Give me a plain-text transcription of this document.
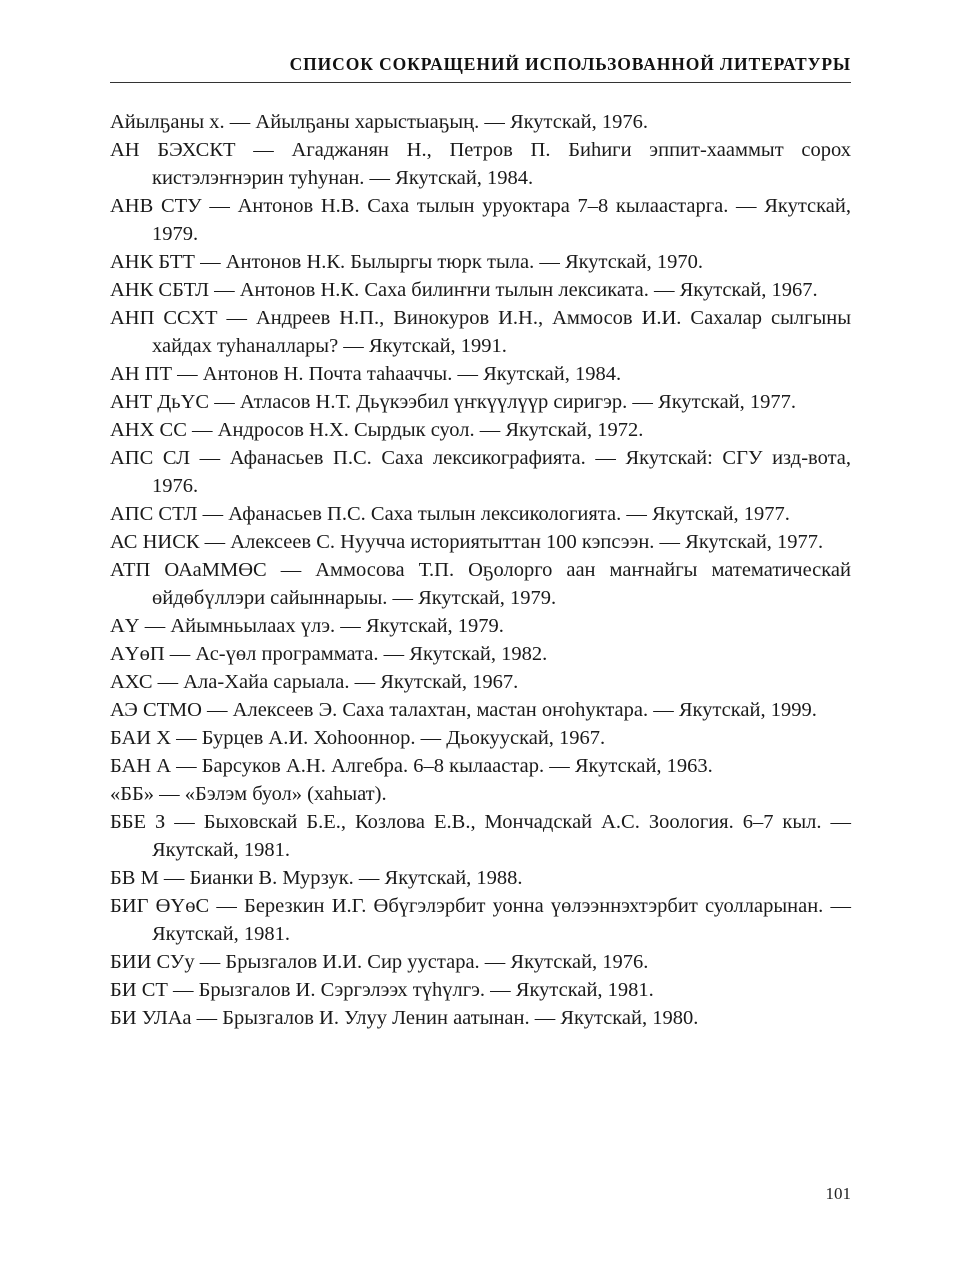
СПИСОК СОКРАЩЕНИЙ ИСПОЛЬЗОВАННОЙ ЛИТЕРАТУРЫ
Айылҕаны х. — Айылҕаны харыстыаҕың. — Якутскай, 1976.
АН БЭХСКТ — Агаджанян Н., Петров П. Биһиги эппит-хааммыт сорох кистэлэҥнэрин туһунан. — Якутскай, 1984.
АНВ СТУ — Антонов Н.В. Саха тылын уруоктара 7–8 кылаастарга. — Якутскай, 1979.
АНК БТТ — Антонов Н.К. Былыргы тюрк тыла. — Якутскай, 1970.
АНК СБТЛ — Антонов Н.К. Саха билиҥҥи тылын лексиката. — Якутскай, 1967.
АНП ССХТ — Андреев Н.П., Винокуров И.Н., Аммосов И.И. Сахалар сылгыны хайдах туһаналлары? — Якутскай, 1991.
АН ПТ — Антонов Н. Почта таһааччы. — Якутскай, 1984.
АНТ ДьҮС — Атласов Н.Т. Дьүкээбил үҥкүүлүүр сиригэр. — Якутскай, 1977.
АНХ СС — Андросов Н.Х. Сырдык суол. — Якутскай, 1972.
АПС СЛ — Афанасьев П.С. Саха лексикографията. — Якутскай: СГУ изд-вота, 1976.
АПС СТЛ — Афанасьев П.С. Саха тылын лексикологията. — Якутскай, 1977.
АС НИСК — Алексеев С. Нуучча историятыттан 100 кэпсээн. — Якутскай, 1977.
АТП ОАаММӨС — Аммосова Т.П. Оҕолорго аан маҥнайгы математическай өйдөбүллэри сайыннарыы. — Якутскай, 1979.
АҮ — Айымньылаах үлэ. — Якутскай, 1979.
АҮөП — Ас-үөл программата. — Якутскай, 1982.
АХС — Ала-Хайа сарыала. — Якутскай, 1967.
АЭ СТМО — Алексеев Э. Саха талахтан, мастан оҥоһуктара. — Якутскай, 1999.
БАИ Х — Бурцев А.И. Хоһооннор. — Дьокуускай, 1967.
БАН А — Барсуков А.Н. Алгебра. 6–8 кылаастар. — Якутскай, 1963.
«ББ» — «Бэлэм буол» (хаһыат).
ББЕ З — Быховскай Б.Е., Козлова Е.В., Мончадскай А.С. Зоология. 6–7 кыл. — Якутскай, 1981.
БВ М — Бианки В. Мурзук. — Якутскай, 1988.
БИГ ӨҮөС — Березкин И.Г. Өбүгэлэрбит уонна үөлээннэхтэрбит суолларынан. — Якутскай, 1981.
БИИ СУу — Брызгалов И.И. Сир уустара. — Якутскай, 1976.
БИ СТ — Брызгалов И. Сэргэлээх түһүлгэ. — Якутскай, 1981.
БИ УЛАа — Брызгалов И. Улуу Ленин аатынан. — Якутскай, 1980.
101
